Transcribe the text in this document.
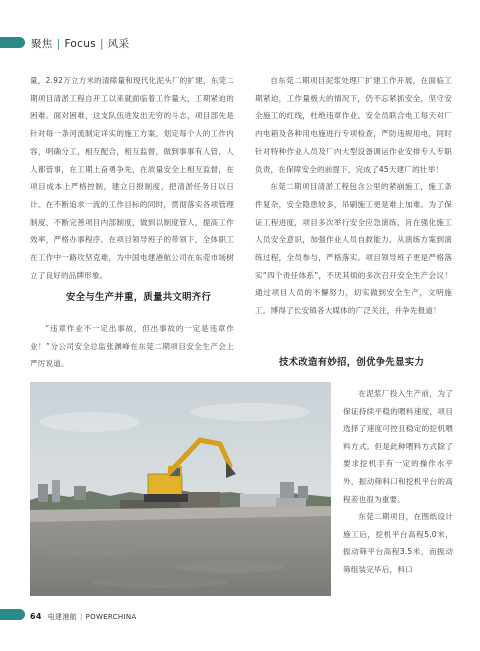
聚焦 | Focus | 风采

量，2.92万立方米的清障量和现代化泥头厂的扩建，东莞二期项目清淤工程自开工以来就面临着工作量大，工期紧迫的困难。面对困难，这支队伍进发出无穷的斗志，项目部先是针对每一条河流制定详实的施工方案，划定每个人的工作内容，明确分工，相互配合，相互监督，做到事事有人管，人人都管事，在工期上奋勇争先，在质量安全上相互监督，在项目成本上严格控制，建立日报制度，把清淤任务日以日计。在不断追求一流的工作目标的同时，贯彻落实各项管理制度，不断完善项目内部制度，做到以制度管人，提高工作效率，严格办事程序。在项目领导班子的带领下，全体职工在工作中一路攻坚克难，为中国电建港航公司在东莞市场树立了良好的品牌形象。

安全与生产并重，质量共文明齐行

“违章作业不一定出事故，但出事故的一定是违章作业！”分公司安全总监张渊峰在东莞二期项目安全生产会上严厉说道。

自东莞二期项目泥浆处理厂扩建工作开展，在面临工期紧迫，工作量极大的情况下，仍不忘紧抓安全，坚守安全施工的红线，杜绝违章作业。安全员联合电工每天对厂内电箱及各种用电施进行专项检查，严防违规用电，同时针对特种作业人员及厂内大型设备调运作业安排专人专职负责，在保障安全的前提下，完成了45天建厂的壮举！

东莞二期项目清淤工程包含公里的紧崩施工，施工条件复杂，安全隐患较多，吊刷施工更是难上加难。为了保证工程进度，项目多次举行安全应急演练，旨在强化施工人员安全意识，加强作业人员自救能力。从演练方案到演练过程，全员参与，严格落实。项目领导班子更是严格落实“四个责任体系”，不厌其烦的多次召开安全生产会议！通过项目人员的不懈努力，切实做到安全生产，文明施工，博得了长安镇各大媒体的广泛关注，并争先报道！

技术改造有妙招，创优争先显实力

在泥浆厂投入生产前，为了保证持续平稳的喂料速度，项目选择了速度可控且稳定的挖机喂料方式。但是此种喂料方式除了要求挖机手有一定的操作水平外，振动筛料口和挖机平台的高程差也很为重要。

东莞二期项目，在图纸设计施工后，挖机平台高程5.0米，振动筛平台高程3.5米，而振动筛组装完毕后，料口

64 电建港航 | POWERCHINA
